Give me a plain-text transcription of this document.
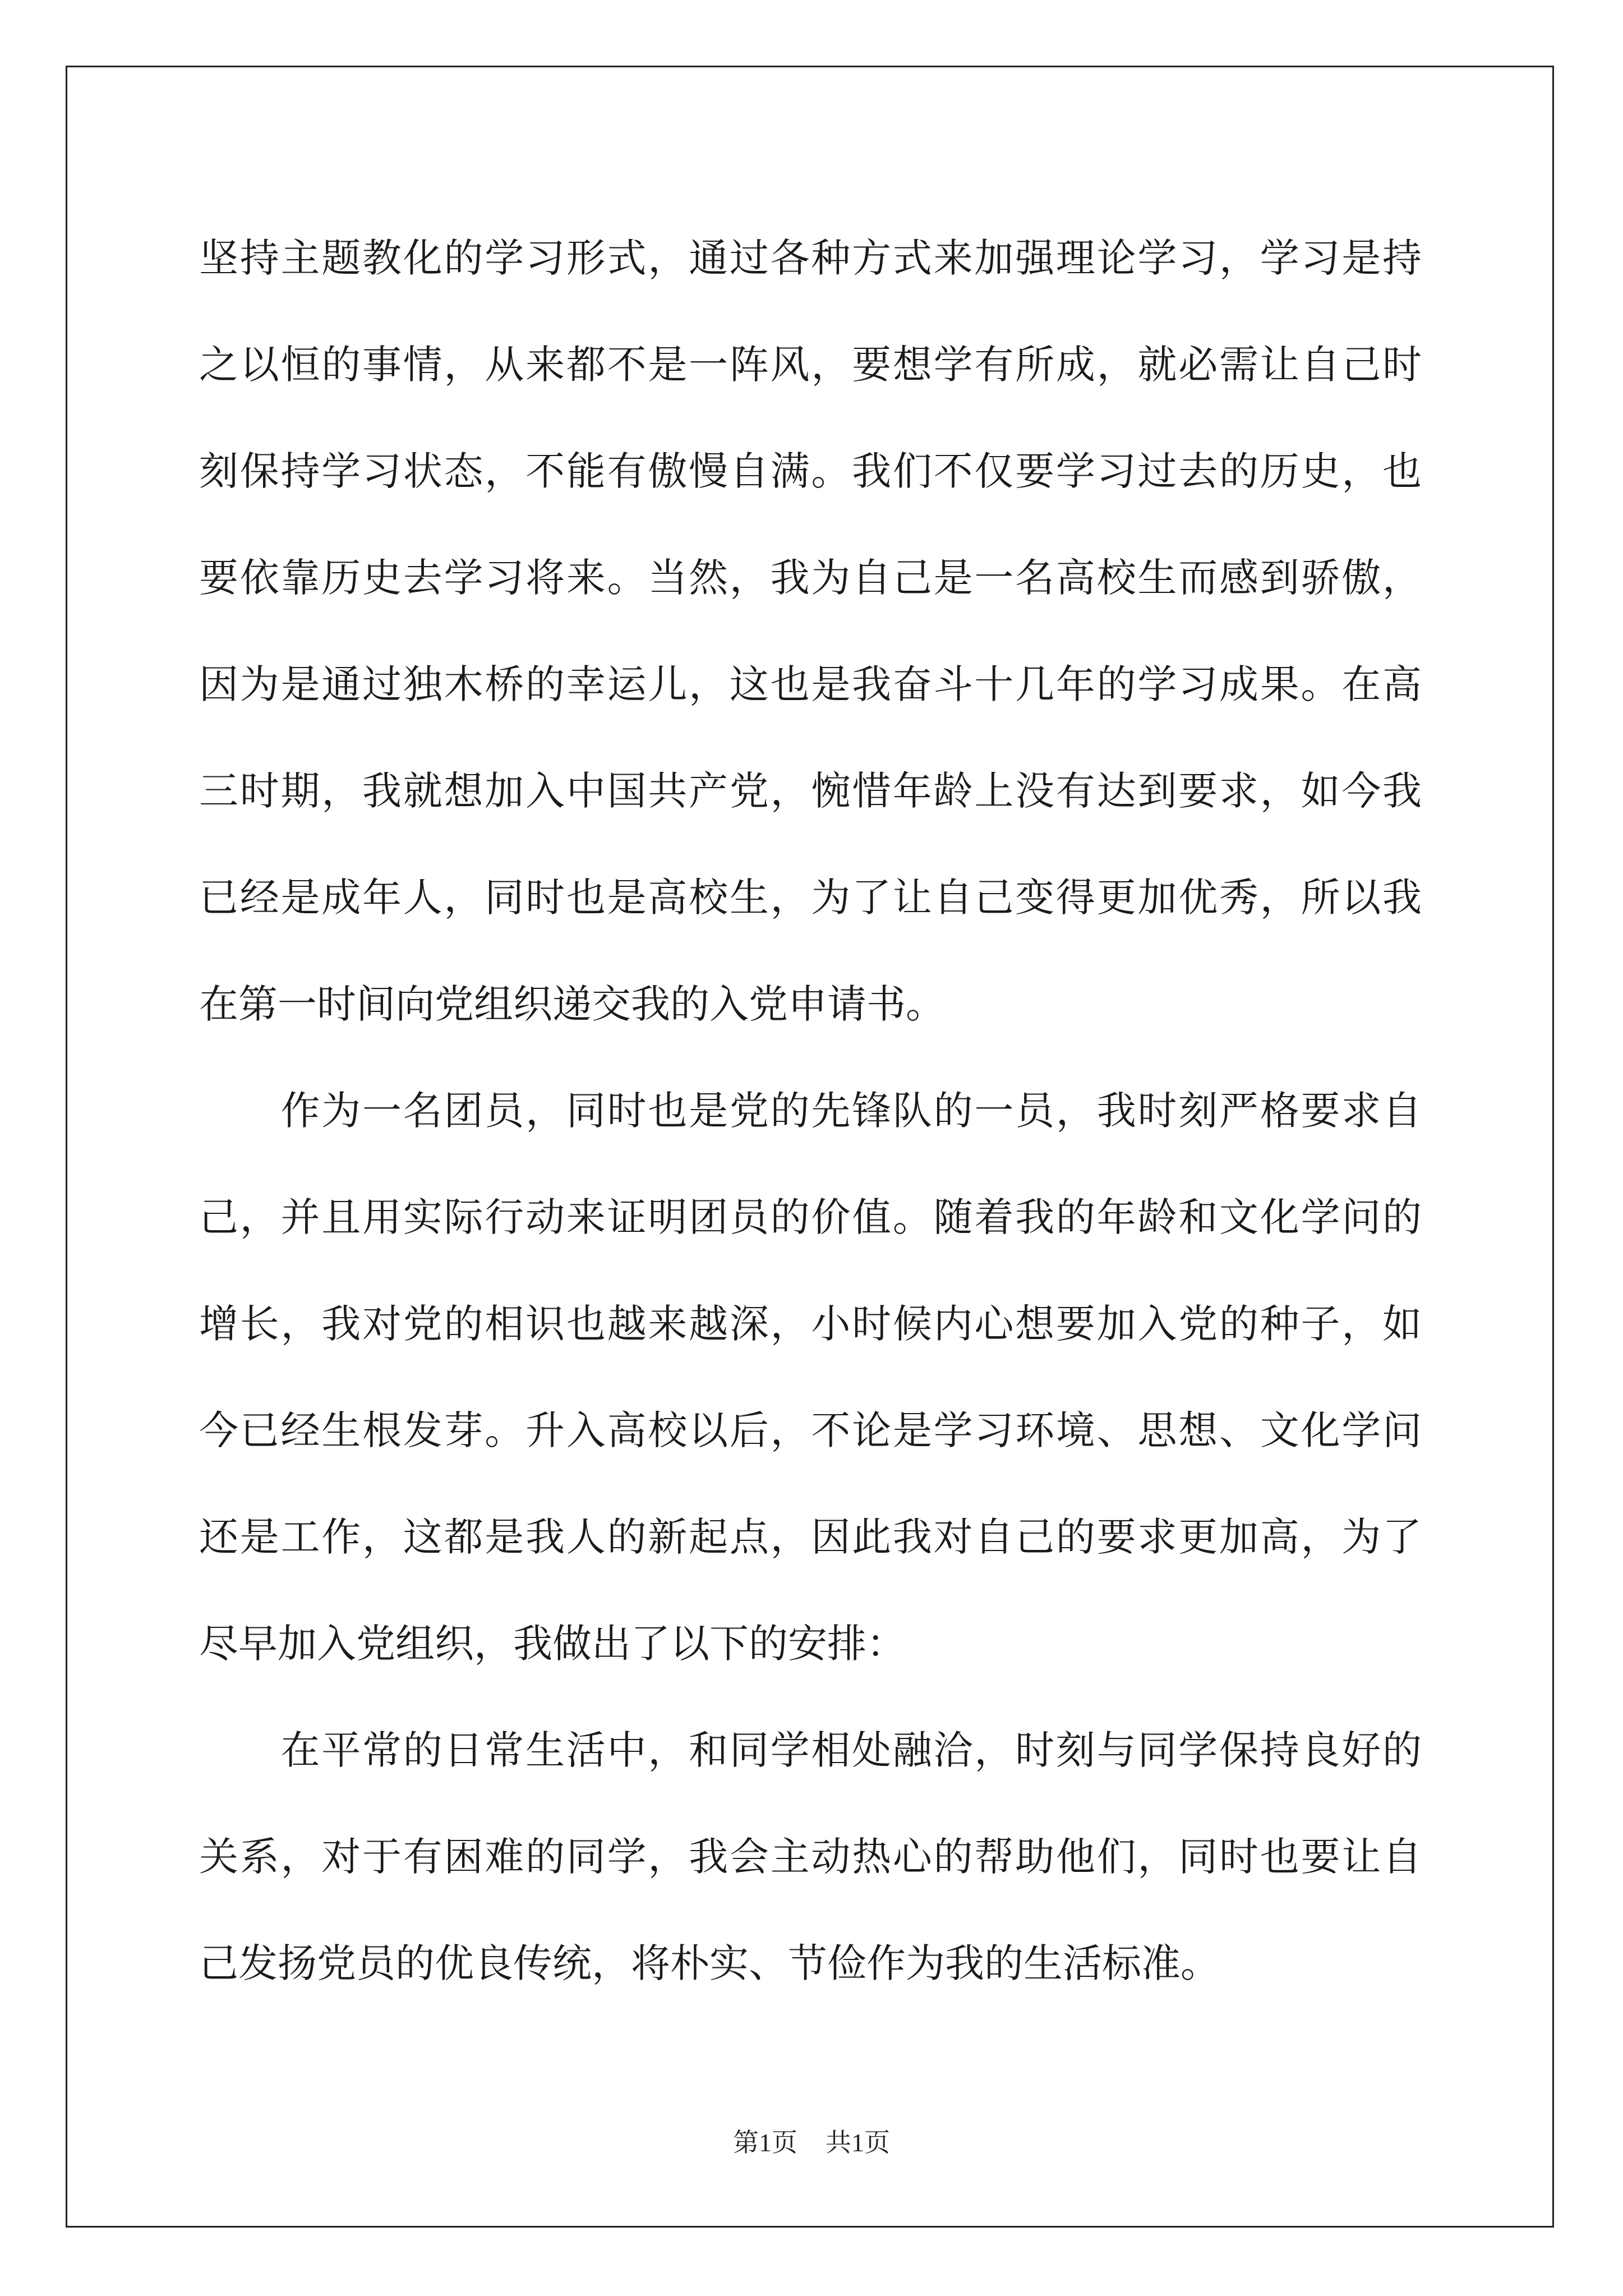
坚持主题教化的学习形式，通过各种方式来加强理论学习，学习是持
之以恒的事情，从来都不是一阵风，要想学有所成，就必需让自己时
刻保持学习状态，不能有傲慢自满。我们不仅要学习过去的历史，也
要依靠历史去学习将来。当然，我为自己是一名高校生而感到骄傲，
因为是通过独木桥的幸运儿，这也是我奋斗十几年的学习成果。在高
三时期，我就想加入中国共产党，惋惜年龄上没有达到要求，如今我
已经是成年人，同时也是高校生，为了让自己变得更加优秀，所以我
在第一时间向党组织递交我的入党申请书。
　　作为一名团员，同时也是党的先锋队的一员，我时刻严格要求自
己，并且用实际行动来证明团员的价值。随着我的年龄和文化学问的
增长，我对党的相识也越来越深，小时候内心想要加入党的种子，如
今已经生根发芽。升入高校以后，不论是学习环境、思想、文化学问
还是工作，这都是我人的新起点，因此我对自己的要求更加高，为了
尽早加入党组织，我做出了以下的安排：
　　在平常的日常生活中，和同学相处融洽，时刻与同学保持良好的
关系，对于有困难的同学，我会主动热心的帮助他们，同时也要让自
己发扬党员的优良传统，将朴实、节俭作为我的生活标准。
第1页 共1页
